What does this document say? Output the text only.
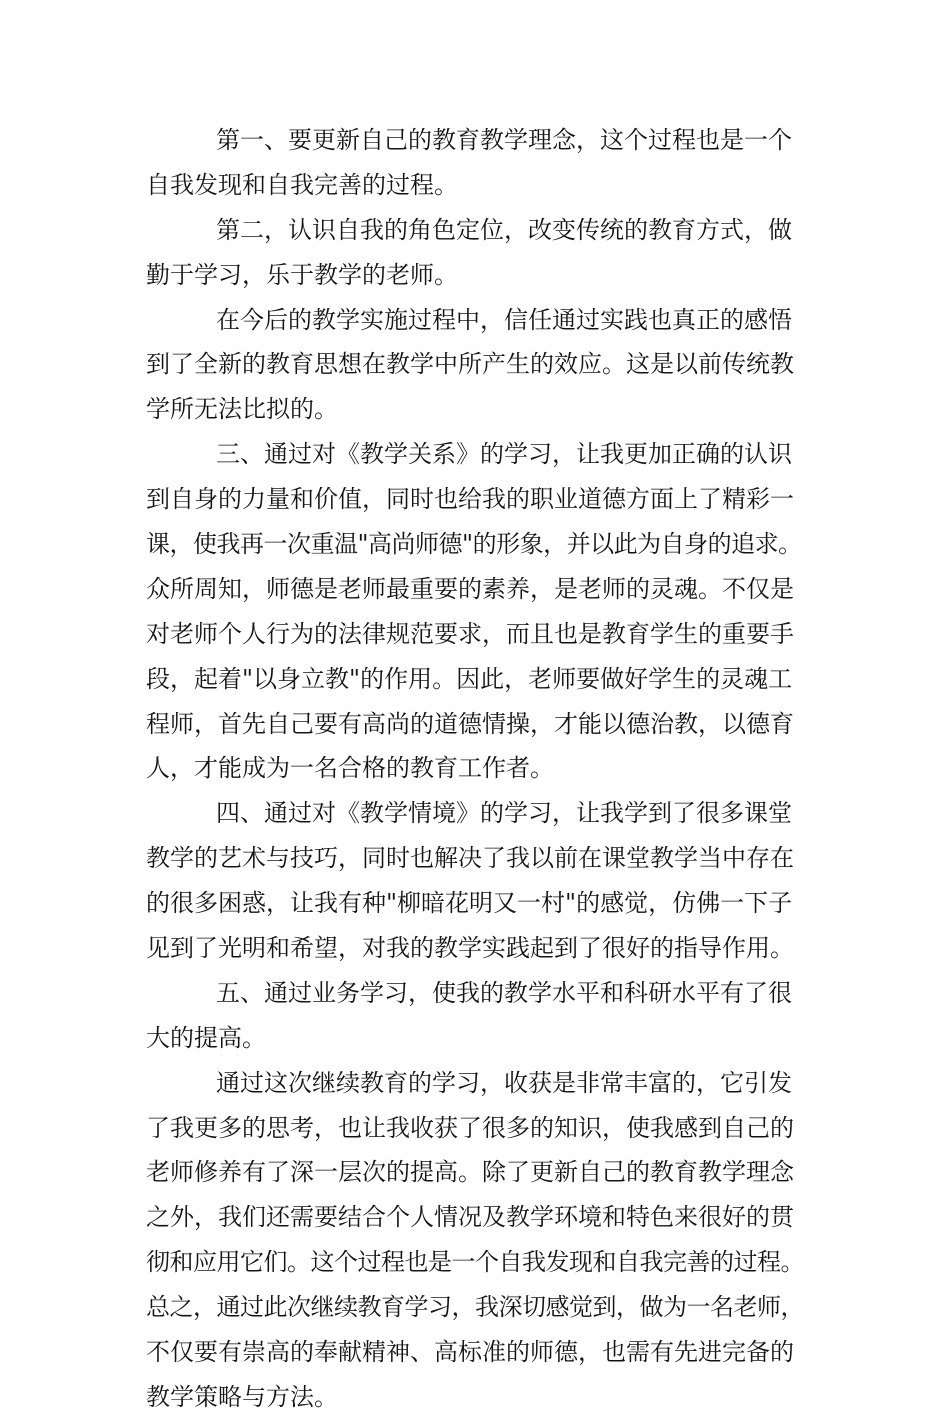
第一、要更新自己的教育教学理念，这个过程也是一个
自我发现和自我完善的过程。
第二，认识自我的角色定位，改变传统的教育方式，做
勤于学习，乐于教学的老师。
在今后的教学实施过程中，信任通过实践也真正的感悟
到了全新的教育思想在教学中所产生的效应。这是以前传统教
学所无法比拟的。
三、通过对《教学关系》的学习，让我更加正确的认识
到自身的力量和价值，同时也给我的职业道德方面上了精彩一
课，使我再一次重温"高尚师德"的形象，并以此为自身的追求。
众所周知，师德是老师最重要的素养，是老师的灵魂。不仅是
对老师个人行为的法律规范要求，而且也是教育学生的重要手
段，起着"以身立教"的作用。因此，老师要做好学生的灵魂工
程师，首先自己要有高尚的道德情操，才能以德治教，以德育
人，才能成为一名合格的教育工作者。
四、通过对《教学情境》的学习，让我学到了很多课堂
教学的艺术与技巧，同时也解决了我以前在课堂教学当中存在
的很多困惑，让我有种"柳暗花明又一村"的感觉，仿佛一下子
见到了光明和希望，对我的教学实践起到了很好的指导作用。
五、通过业务学习，使我的教学水平和科研水平有了很
大的提高。
通过这次继续教育的学习，收获是非常丰富的，它引发
了我更多的思考，也让我收获了很多的知识，使我感到自己的
老师修养有了深一层次的提高。除了更新自己的教育教学理念
之外，我们还需要结合个人情况及教学环境和特色来很好的贯
彻和应用它们。这个过程也是一个自我发现和自我完善的过程。
总之，通过此次继续教育学习，我深切感觉到，做为一名老师，
不仅要有崇高的奉献精神、高标准的师德，也需有先进完备的
教学策略与方法。
